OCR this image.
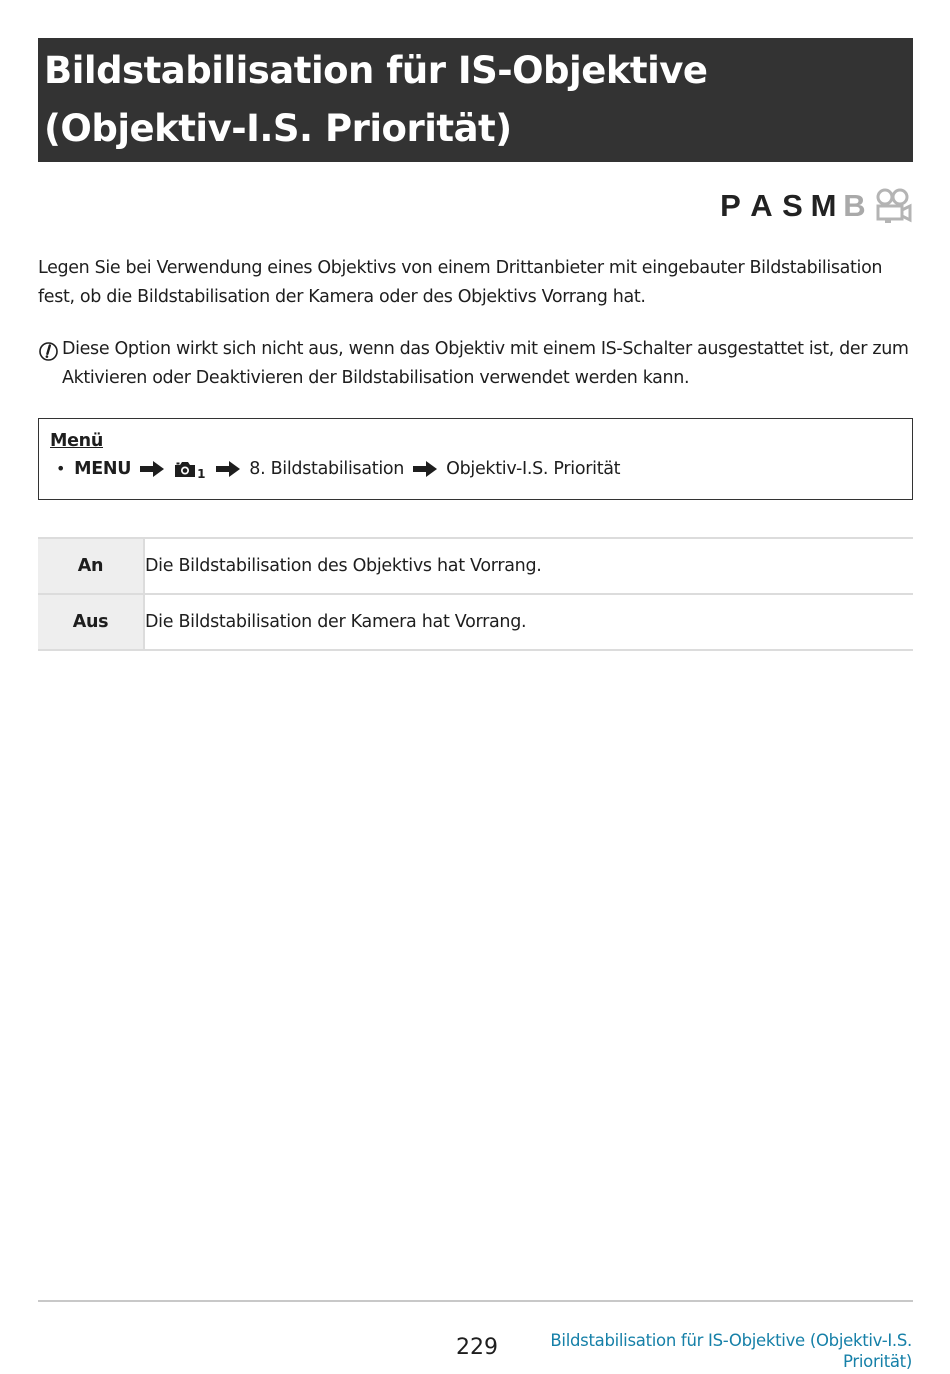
Bildstabilisation für IS-Objektive (Objektiv-I.S. Priorität)
P A S M B

Legen Sie bei Verwendung eines Objektivs von einem Drittanbieter mit eingebauter Bildstabilisation fest, ob die Bildstabilisation der Kamera oder des Objektivs Vorrang hat.

Diese Option wirkt sich nicht aus, wenn das Objektiv mit einem IS-Schalter ausgestattet ist, der zum Aktivieren oder Deaktivieren der Bildstabilisation verwendet werden kann.

Menü
• MENU	1	8. Bildstabilisation Objektiv-I.S. Priorität
An	Die Bildstabilisation des Objektivs hat Vorrang.
Aus	Die Bildstabilisation der Kamera hat Vorrang.
229	Bildstabilisation für IS-Objektive (Objektiv-I.S. Priorität)
